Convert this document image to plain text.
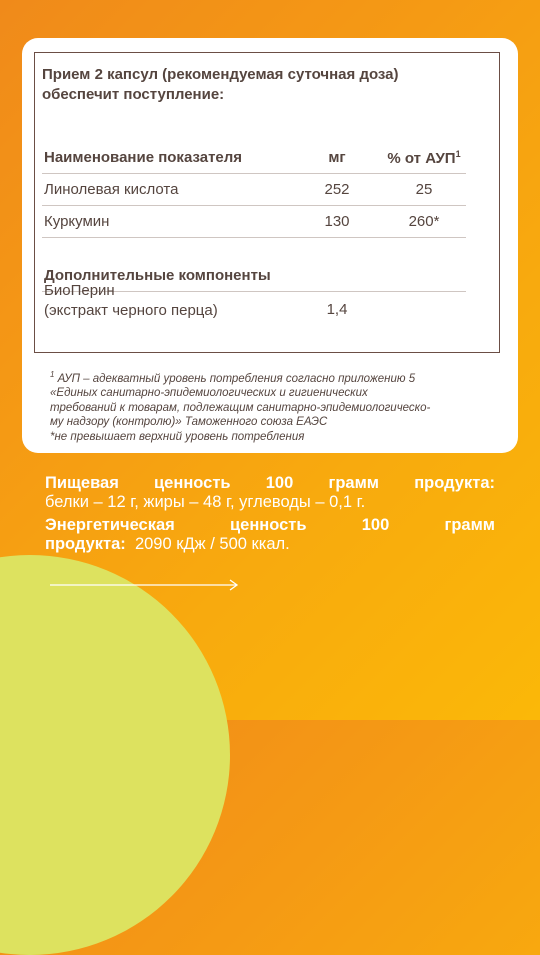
Прием 2 капсул (рекомендуемая суточная доза) обеспечит поступление:
Наименование показателя	мг	% от АУП$^1$
Линолевая кислота	252	25
Куркумин	130	260*
Дополнительные компоненты
БиоПерин
(экстракт черного перца)	1,4
$^1$ АУП – адекватный уровень потребления согласно приложению 5
«Единых санитарно-эпидемиологических и гигиенических
требований к товарам, подлежащим санитарно-эпидемиологическо-
му надзору (контролю)» Таможенного союза ЕАЭС
*не превышает верхний уровень потребления
Пищевая ценность 100 грамм продукта:
белки – 12 г, жиры – 48 г, углеводы – 0,1 г.
Энергетическая ценность 100 грамм
продукта: 2090 кДж / 500 ккал.
